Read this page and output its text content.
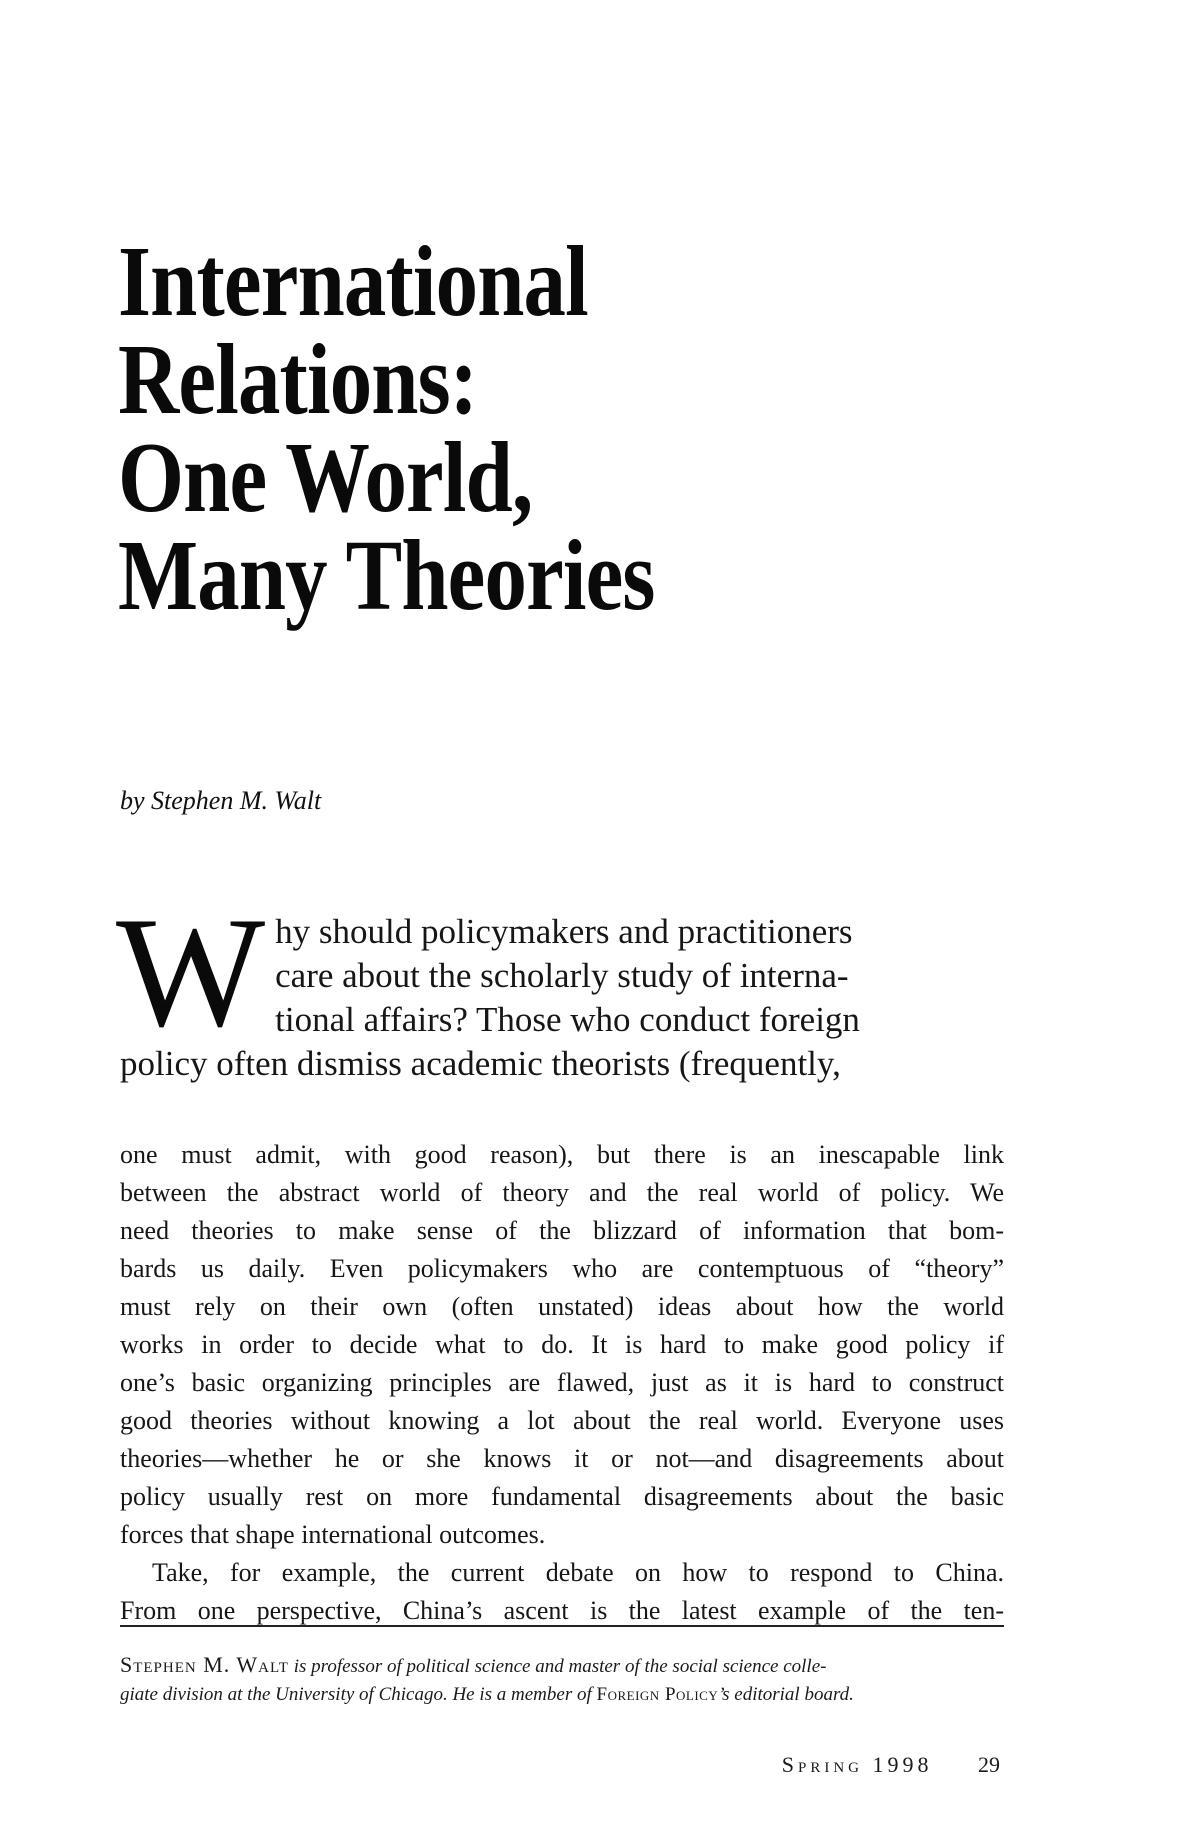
International
Relations:
One World,
Many Theories
by Stephen M. Walt
W hy should policymakers and practitioners
care about the scholarly study of interna-
tional affairs? Those who conduct foreign
policy often dismiss academic theorists (frequently,
one must admit, with good reason), but there is an inescapable link
between the abstract world of theory and the real world of policy. We
need theories to make sense of the blizzard of information that bom-
bards us daily. Even policymakers who are contemptuous of “theory”
must rely on their own (often unstated) ideas about how the world
works in order to decide what to do. It is hard to make good policy if
one’s basic organizing principles are flawed, just as it is hard to construct
good theories without knowing a lot about the real world. Everyone uses
theories—whether he or she knows it or not—and disagreements about
policy usually rest on more fundamental disagreements about the basic
forces that shape international outcomes.
Take, for example, the current debate on how to respond to China.
From one perspective, China’s ascent is the latest example of the ten-
Stephen M. Walt is professor of political science and master of the social science colle-
giate division at the University of Chicago. He is a member of Foreign Policy’s editorial board.
Spring 1998 29
